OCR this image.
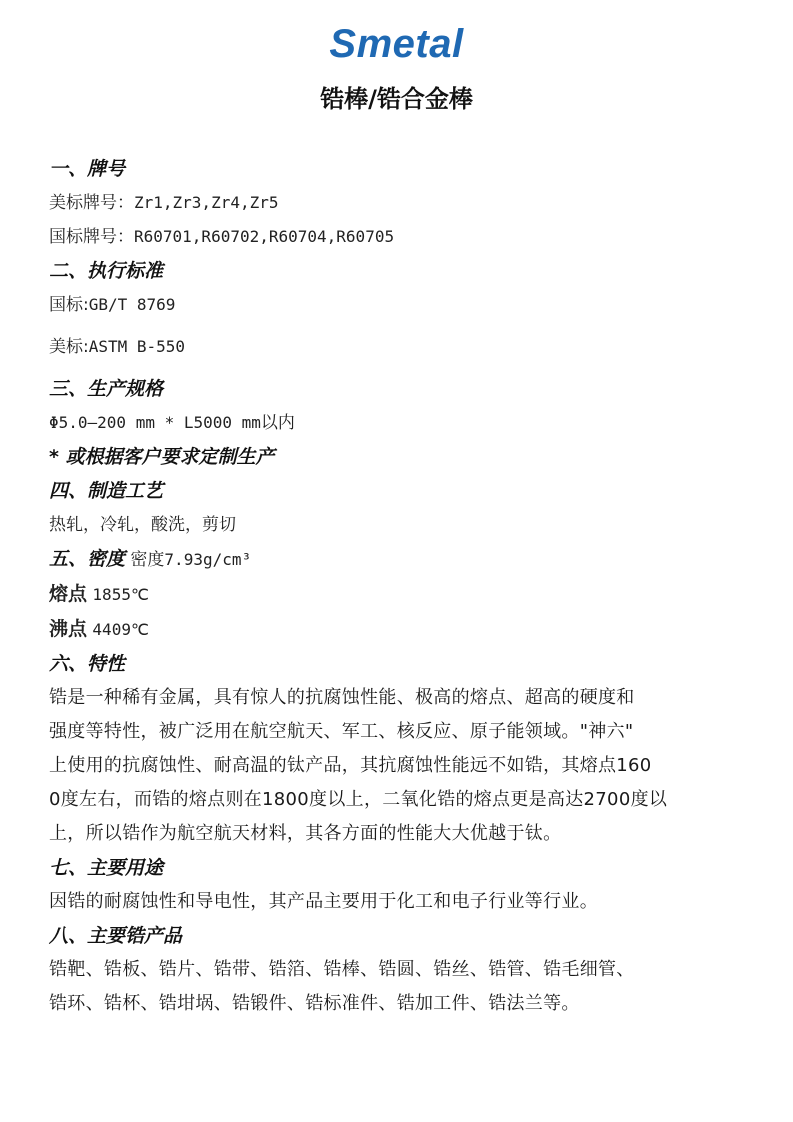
Smetal
锆棒/锆合金棒

一、牌号

美标牌号：Zr1,Zr3,Zr4,Zr5

国标牌号：R60701,R60702,R60704,R60705

二、执行标准

国标:GB/T 8769

美标:ASTM B-550

三、生产规格

Φ5.0—200 mm * L5000 mm以内

* 或根据客户要求定制生产

四、制造工艺

热轧，冷轧，酸洗，剪切

五、密度 密度7.93g/cm³

熔点 1855℃

沸点 4409℃

六、特性

锆是一种稀有金属，具有惊人的抗腐蚀性能、极高的熔点、超高的硬度和

强度等特性，被广泛用在航空航天、军工、核反应、原子能领域。"神六"

上使用的抗腐蚀性、耐高温的钛产品，其抗腐蚀性能远不如锆，其熔点160

0度左右，而锆的熔点则在1800度以上，二氧化锆的熔点更是高达2700度以

上，所以锆作为航空航天材料，其各方面的性能大大优越于钛。

七、主要用途

因锆的耐腐蚀性和导电性，其产品主要用于化工和电子行业等行业。

八、主要锆产品

锆靶、锆板、锆片、锆带、锆箔、锆棒、锆圆、锆丝、锆管、锆毛细管、

锆环、锆杯、锆坩埚、锆锻件、锆标准件、锆加工件、锆法兰等。
